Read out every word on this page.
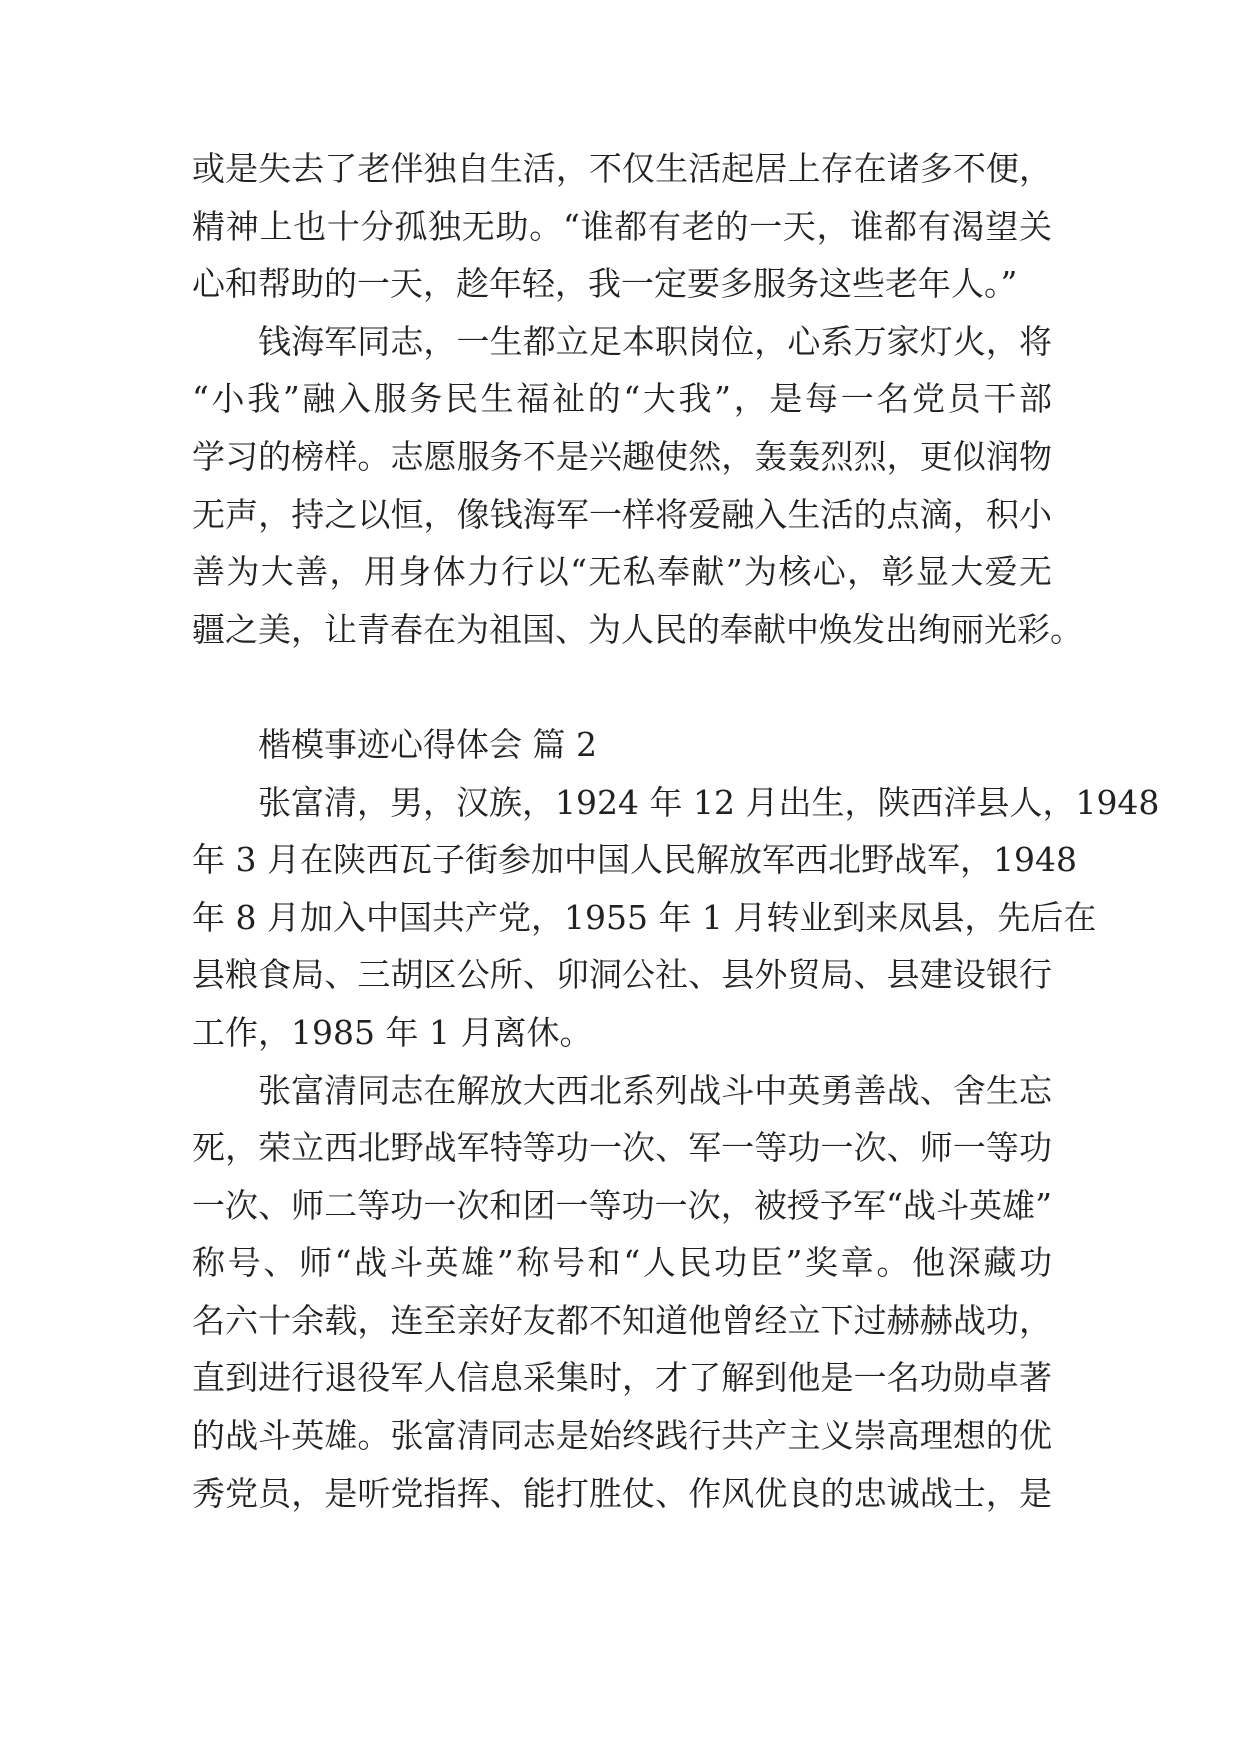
或是失去了老伴独自生活，不仅生活起居上存在诸多不便，
精神上也十分孤独无助。“谁都有老的一天，谁都有渴望关
心和帮助的一天，趁年轻，我一定要多服务这些老年人。”
钱海军同志，一生都立足本职岗位，心系万家灯火，将
“小我”融入服务民生福祉的“大我”，是每一名党员干部
学习的榜样。志愿服务不是兴趣使然，轰轰烈烈，更似润物
无声，持之以恒，像钱海军一样将爱融入生活的点滴，积小
善为大善，用身体力行以“无私奉献”为核心，彰显大爱无
疆之美，让青春在为祖国、为人民的奉献中焕发出绚丽光彩。
楷模事迹心得体会 篇 2
张富清，男，汉族，1924 年 12 月出生，陕西洋县人，1948
年 3 月在陕西瓦子街参加中国人民解放军西北野战军，1948
年 8 月加入中国共产党，1955 年 1 月转业到来凤县，先后在
县粮食局、三胡区公所、卯洞公社、县外贸局、县建设银行
工作，1985 年 1 月离休。
张富清同志在解放大西北系列战斗中英勇善战、舍生忘
死，荣立西北野战军特等功一次、军一等功一次、师一等功
一次、师二等功一次和团一等功一次，被授予军“战斗英雄”
称号、师“战斗英雄”称号和“人民功臣”奖章。他深藏功
名六十余载，连至亲好友都不知道他曾经立下过赫赫战功，
直到进行退役军人信息采集时，才了解到他是一名功勋卓著
的战斗英雄。张富清同志是始终践行共产主义崇高理想的优
秀党员，是听党指挥、能打胜仗、作风优良的忠诚战士，是
